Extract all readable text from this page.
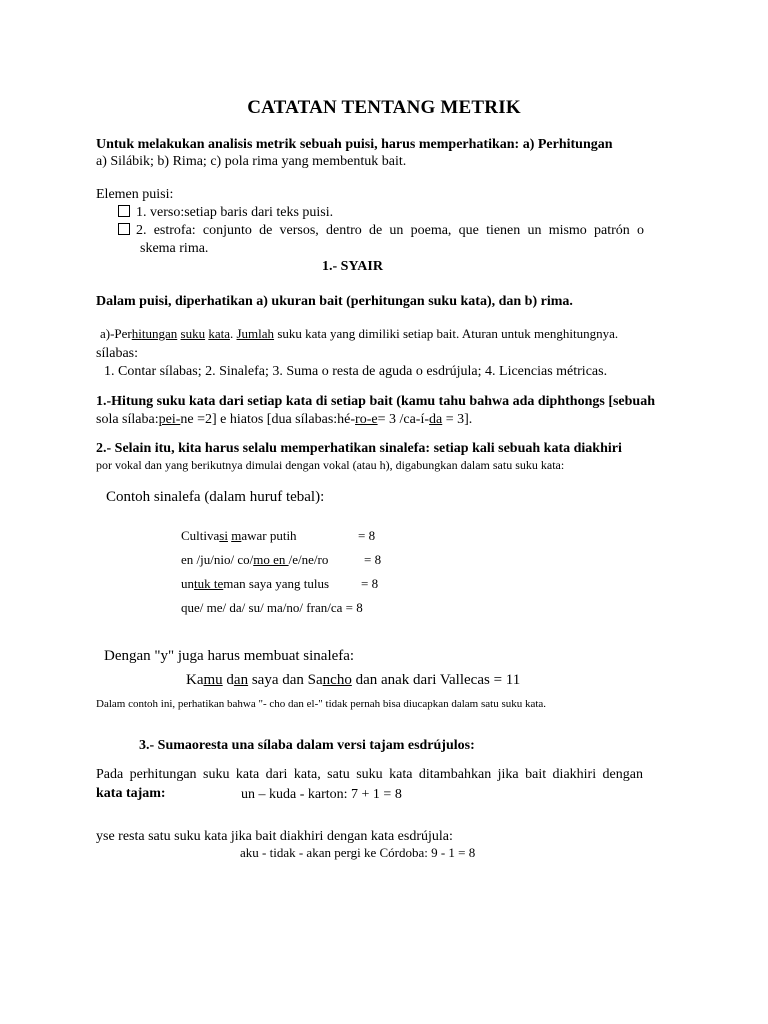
CATATAN TENTANG METRIK
Untuk melakukan analisis metrik sebuah puisi, harus memperhatikan: a) Perhitungan
a) Silábik; b) Rima; c) pola rima yang membentuk bait.
Elemen puisi:
1. verso:setiap baris dari teks puisi.
2. estrofa: conjunto de versos, dentro de un poema, que tienen un mismo patrón o
skema rima.
1.- SYAIR
Dalam puisi, diperhatikan a) ukuran bait (perhitungan suku kata), dan b) rima.
a)-Perhitungan suku kata. Jumlah suku kata yang dimiliki setiap bait. Aturan untuk menghitungnya.
sílabas:
1. Contar sílabas; 2. Sinalefa; 3. Suma o resta de aguda o esdrújula; 4. Licencias métricas.
1.-Hitung suku kata dari setiap kata di setiap bait (kamu tahu bahwa ada diphthongs [sebuah
sola sílaba:pei-ne =2] e hiatos [dua sílabas:hé-ro-e= 3 /ca-í-da = 3].
2.- Selain itu, kita harus selalu memperhatikan sinalefa: setiap kali sebuah kata diakhiri
por vokal dan yang berikutnya dimulai dengan vokal (atau h), digabungkan dalam satu suku kata:
Contoh sinalefa (dalam huruf tebal):
Cultivasi mawar putih	= 8
en /ju/nio/ co/mo en /e/ne/ro	= 8
untuk teman saya yang tulus = 8
que/ me/ da/ su/ ma/no/ fran/ca = 8
Dengan "y" juga harus membuat sinalefa:
Kamu dan saya dan Sancho dan anak dari Vallecas = 11
Dalam contoh ini, perhatikan bahwa "- cho dan el-" tidak pernah bisa diucapkan dalam satu suku kata.
3.- Sumaoresta una sílaba dalam versi tajam esdrújulos:
Pada perhitungan suku kata dari kata, satu suku kata ditambahkan jika bait diakhiri dengan
kata tajam:	un – kuda - karton: 7 + 1 = 8
yse resta satu suku kata jika bait diakhiri dengan kata esdrújula:
aku - tidak - akan pergi ke Córdoba: 9 - 1 = 8
